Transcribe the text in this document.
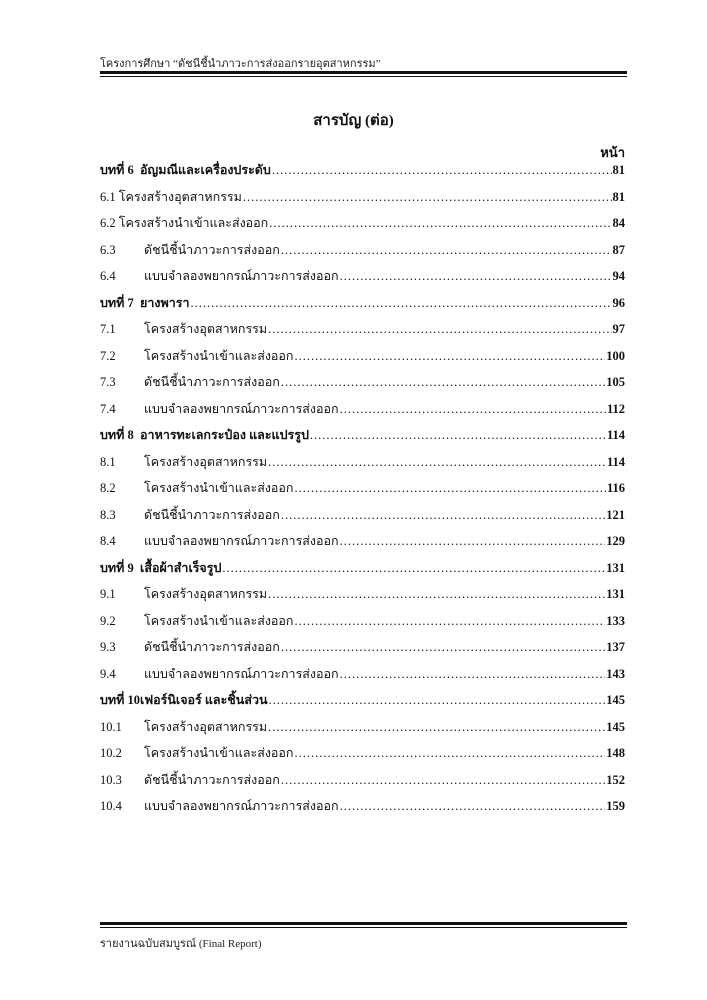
โครงการศึกษา “ดัชนีชี้นำภาวะการส่งออกรายอุตสาหกรรม”
สารบัญ (ต่อ)
หน้า
บทที่ 6 อัญมณีและเครื่องประดับ .....	81
6.1 โครงสร้างอุตสาหกรรม .....	81
6.2 โครงสร้างนำเข้าและส่งออก .....	84
6.3	ดัชนีชี้นำภาวะการส่งออก .....	87
6.4	แบบจำลองพยากรณ์ภาวะการส่งออก .....	94
บทที่ 7 ยางพารา .....	96
7.1	โครงสร้างอุตสาหกรรม .....	97
7.2	โครงสร้างนำเข้าและส่งออก .....	100
7.3	ดัชนีชี้นำภาวะการส่งออก .....	105
7.4	แบบจำลองพยากรณ์ภาวะการส่งออก .....	112
บทที่ 8 อาหารทะเลกระป๋อง และแปรรูป .....	114
8.1	โครงสร้างอุตสาหกรรม .....	114
8.2	โครงสร้างนำเข้าและส่งออก .....	116
8.3	ดัชนีชี้นำภาวะการส่งออก .....	121
8.4	แบบจำลองพยากรณ์ภาวะการส่งออก .....	129
บทที่ 9 เสื้อผ้าสำเร็จรูป .....	131
9.1	โครงสร้างอุตสาหกรรม .....	131
9.2	โครงสร้างนำเข้าและส่งออก .....	133
9.3	ดัชนีชี้นำภาวะการส่งออก .....	137
9.4	แบบจำลองพยากรณ์ภาวะการส่งออก .....	143
บทที่ 10 เฟอร์นิเจอร์ และชิ้นส่วน .....	145
10.1	โครงสร้างอุตสาหกรรม .....	145
10.2	โครงสร้างนำเข้าและส่งออก .....	148
10.3	ดัชนีชี้นำภาวะการส่งออก .....	152
10.4	แบบจำลองพยากรณ์ภาวะการส่งออก .....	159
รายงานฉบับสมบูรณ์ (Final Report)
